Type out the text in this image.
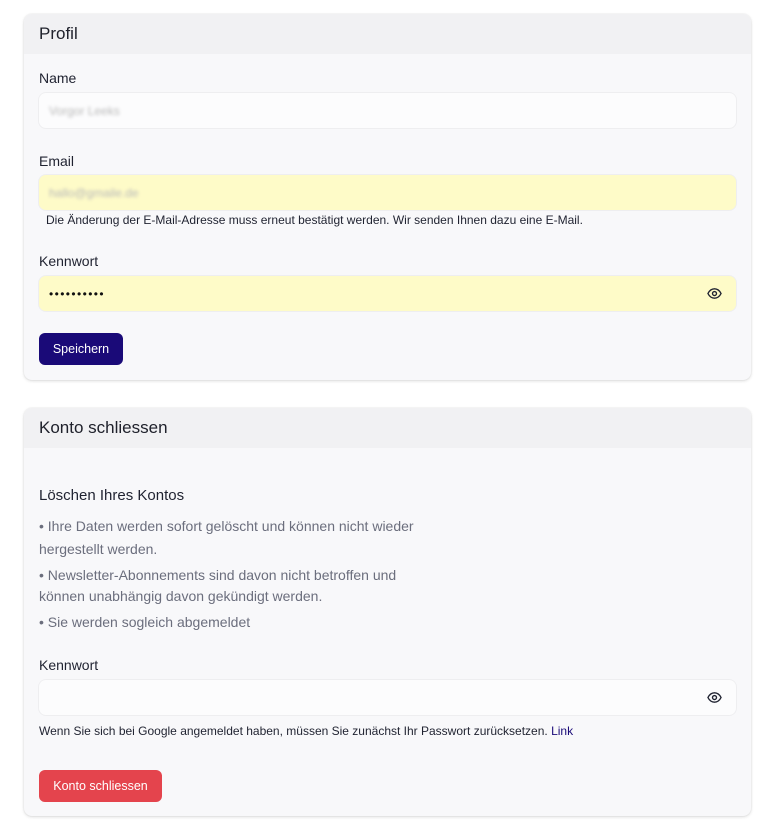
Profil
Name
Vorgor Leeks
Email
hallo@gmaile.de
Die Änderung der E-Mail-Adresse muss erneut bestätigt werden. Wir senden Ihnen dazu eine E-Mail.
Kennwort
••••••••••
Speichern
Konto schliessen
Löschen Ihres Kontos
• Ihre Daten werden sofort gelöscht und können nicht wieder
hergestellt werden.
• Newsletter-Abonnements sind davon nicht betroffen und
können unabhängig davon gekündigt werden.
• Sie werden sogleich abgemeldet
Kennwort
Wenn Sie sich bei Google angemeldet haben, müssen Sie zunächst Ihr Passwort zurücksetzen. Link
Konto schliessen
